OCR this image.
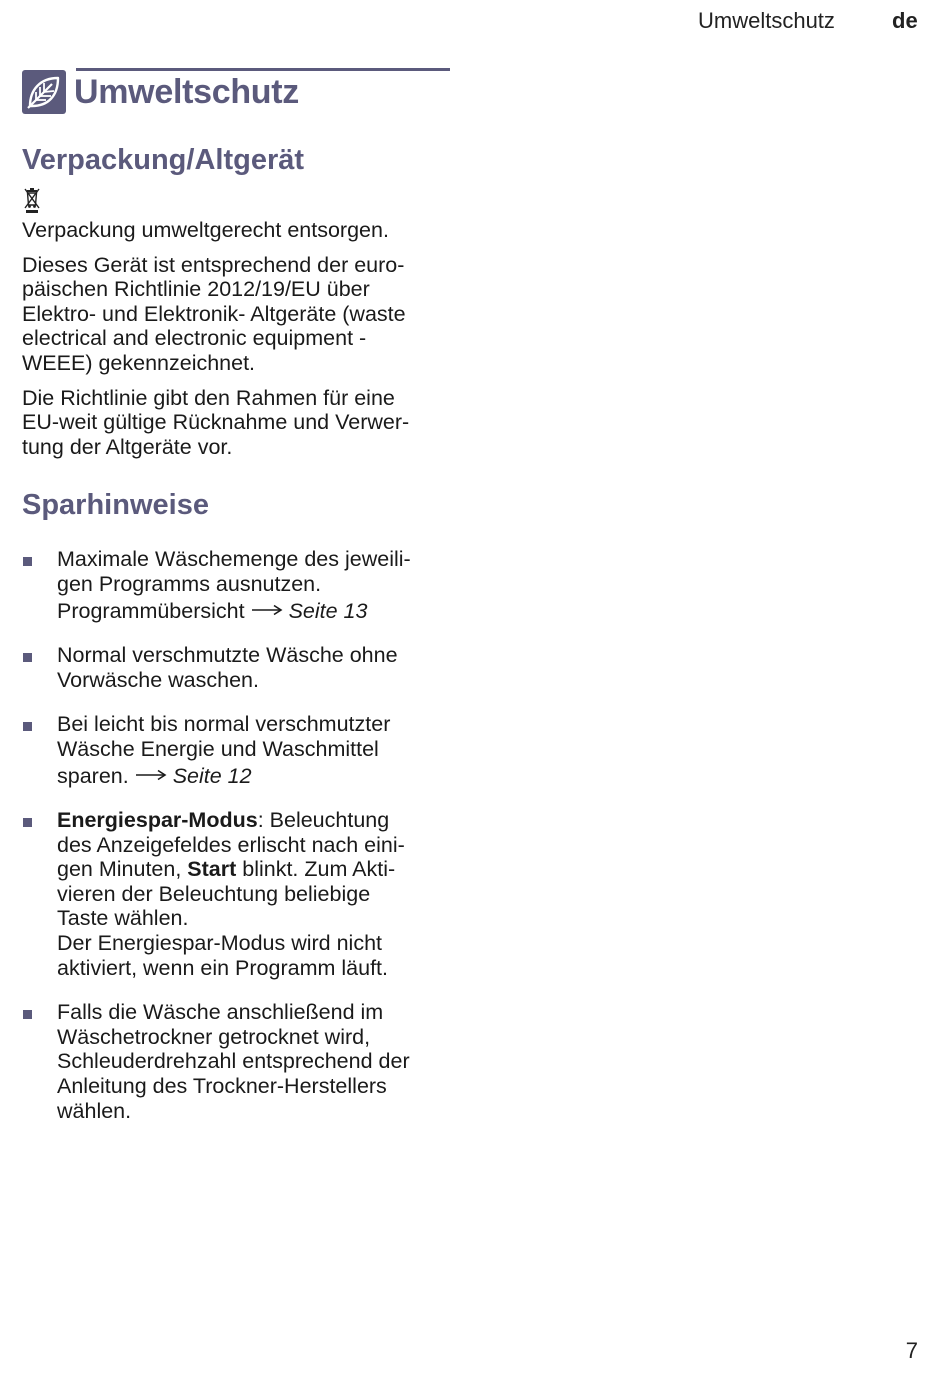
Umweltschutz	de
Umweltschutz
Verpackung/Altgerät

Verpackung umweltgerecht entsorgen.

Dieses Gerät ist entsprechend der euro-
päischen Richtlinie 2012/19/EU über
Elektro- und Elektronik- Altgeräte (waste
electrical and electronic equipment -
WEEE) gekennzeichnet.

Die Richtlinie gibt den Rahmen für eine
EU-weit gültige Rücknahme und Verwer-
tung der Altgeräte vor.

Sparhinweise
Maximale Wäschemenge des jeweili-
gen Programms ausnutzen.
Programmübersicht Seite 13
Normal verschmutzte Wäsche ohne
Vorwäsche waschen.
Bei leicht bis normal verschmutzter
Wäsche Energie und Waschmittel
sparen. Seite 12
Energiespar-Modus: Beleuchtung
des Anzeigefeldes erlischt nach eini-
gen Minuten, Start blinkt. Zum Akti-
vieren der Beleuchtung beliebige
Taste wählen.
Der Energiespar-Modus wird nicht
aktiviert, wenn ein Programm läuft.
Falls die Wäsche anschließend im
Wäschetrockner getrocknet wird,
Schleuderdrehzahl entsprechend der
Anleitung des Trockner-Herstellers
wählen.
7
